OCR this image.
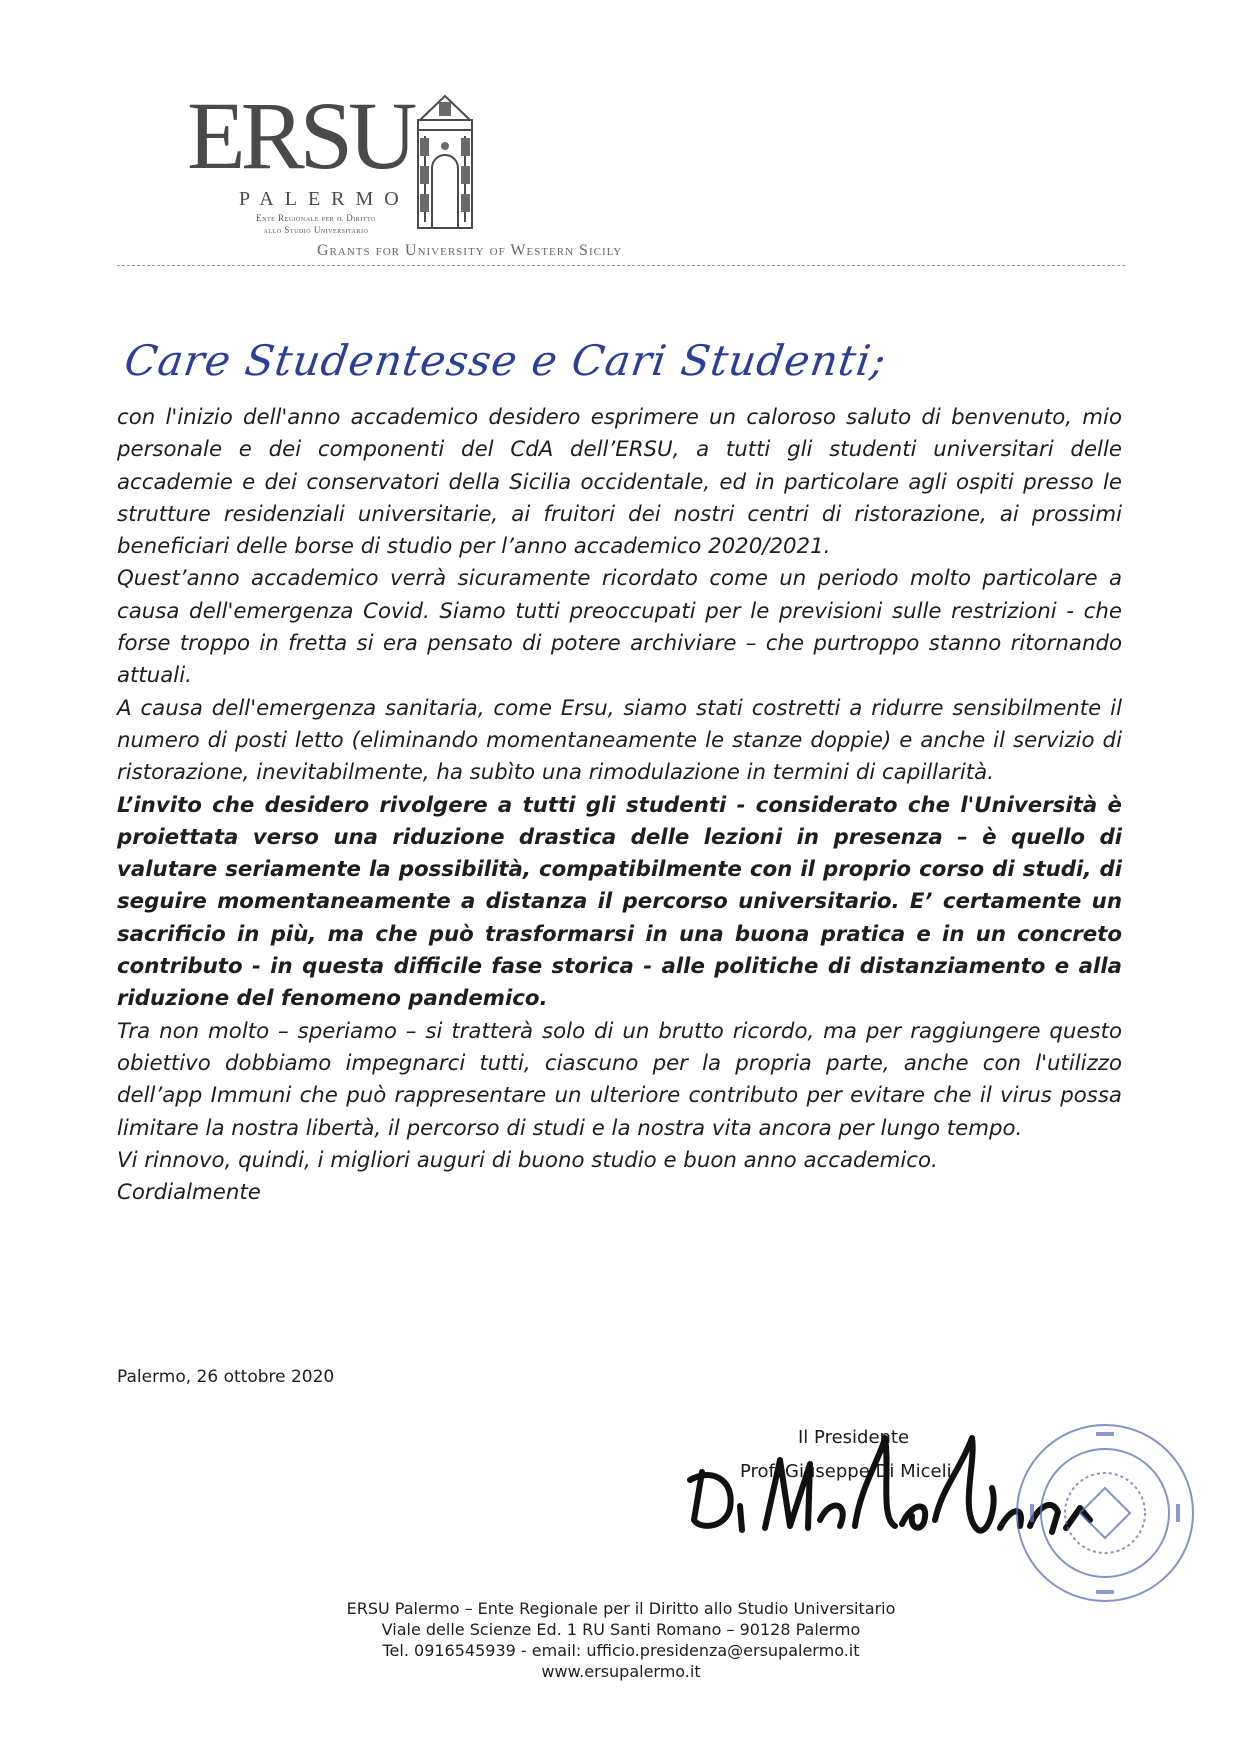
ERSU

PALERMO

Ente Regionale per il Diritto
allo Studio Universitario

Grants for University of Western Sicily

Care Studentesse e Cari Studenti;

con l'inizio dell'anno accademico desidero esprimere un caloroso saluto di benvenuto, mio personale e dei componenti del CdA dell’ERSU, a tutti gli studenti universitari delle accademie e dei conservatori della Sicilia occidentale, ed in particolare agli ospiti presso le strutture residenziali universitarie, ai fruitori dei nostri centri di ristorazione, ai prossimi beneficiari delle borse di studio per l’anno accademico 2020/2021.

Quest’anno accademico verrà sicuramente ricordato come un periodo molto particolare a causa dell'emergenza Covid. Siamo tutti preoccupati per le previsioni sulle restrizioni - che forse troppo in fretta si era pensato di potere archiviare – che purtroppo stanno ritornando attuali.

A causa dell'emergenza sanitaria, come Ersu, siamo stati costretti a ridurre sensibilmente il numero di posti letto (eliminando momentaneamente le stanze doppie) e anche il servizio di ristorazione, inevitabilmente, ha subìto una rimodulazione in termini di capillarità.

L’invito che desidero rivolgere a tutti gli studenti - considerato che l'Università è proiettata verso una riduzione drastica delle lezioni in presenza – è quello di valutare seriamente la possibilità, compatibilmente con il proprio corso di studi, di seguire momentaneamente a distanza il percorso universitario. E’ certamente un sacrificio in più, ma che può trasformarsi in una buona pratica e in un concreto contributo - in questa difficile fase storica - alle politiche di distanziamento e alla riduzione del fenomeno pandemico.

Tra non molto – speriamo – si tratterà solo di un brutto ricordo, ma per raggiungere questo obiettivo dobbiamo impegnarci tutti, ciascuno per la propria parte, anche con l'utilizzo dell’app Immuni che può rappresentare un ulteriore contributo per evitare che il virus possa limitare la nostra libertà, il percorso di studi e la nostra vita ancora per lungo tempo.

Vi rinnovo, quindi, i migliori auguri di buono studio e buon anno accademico.

Cordialmente

Palermo, 26 ottobre 2020

Il Presidente

Prof. Giuseppe Di Miceli

ERSU Palermo – Ente Regionale per il Diritto allo Studio Universitario

Viale delle Scienze Ed. 1 RU Santi Romano – 90128 Palermo

Tel. 0916545939 - email: ufficio.presidenza@ersupalermo.it

www.ersupalermo.it
